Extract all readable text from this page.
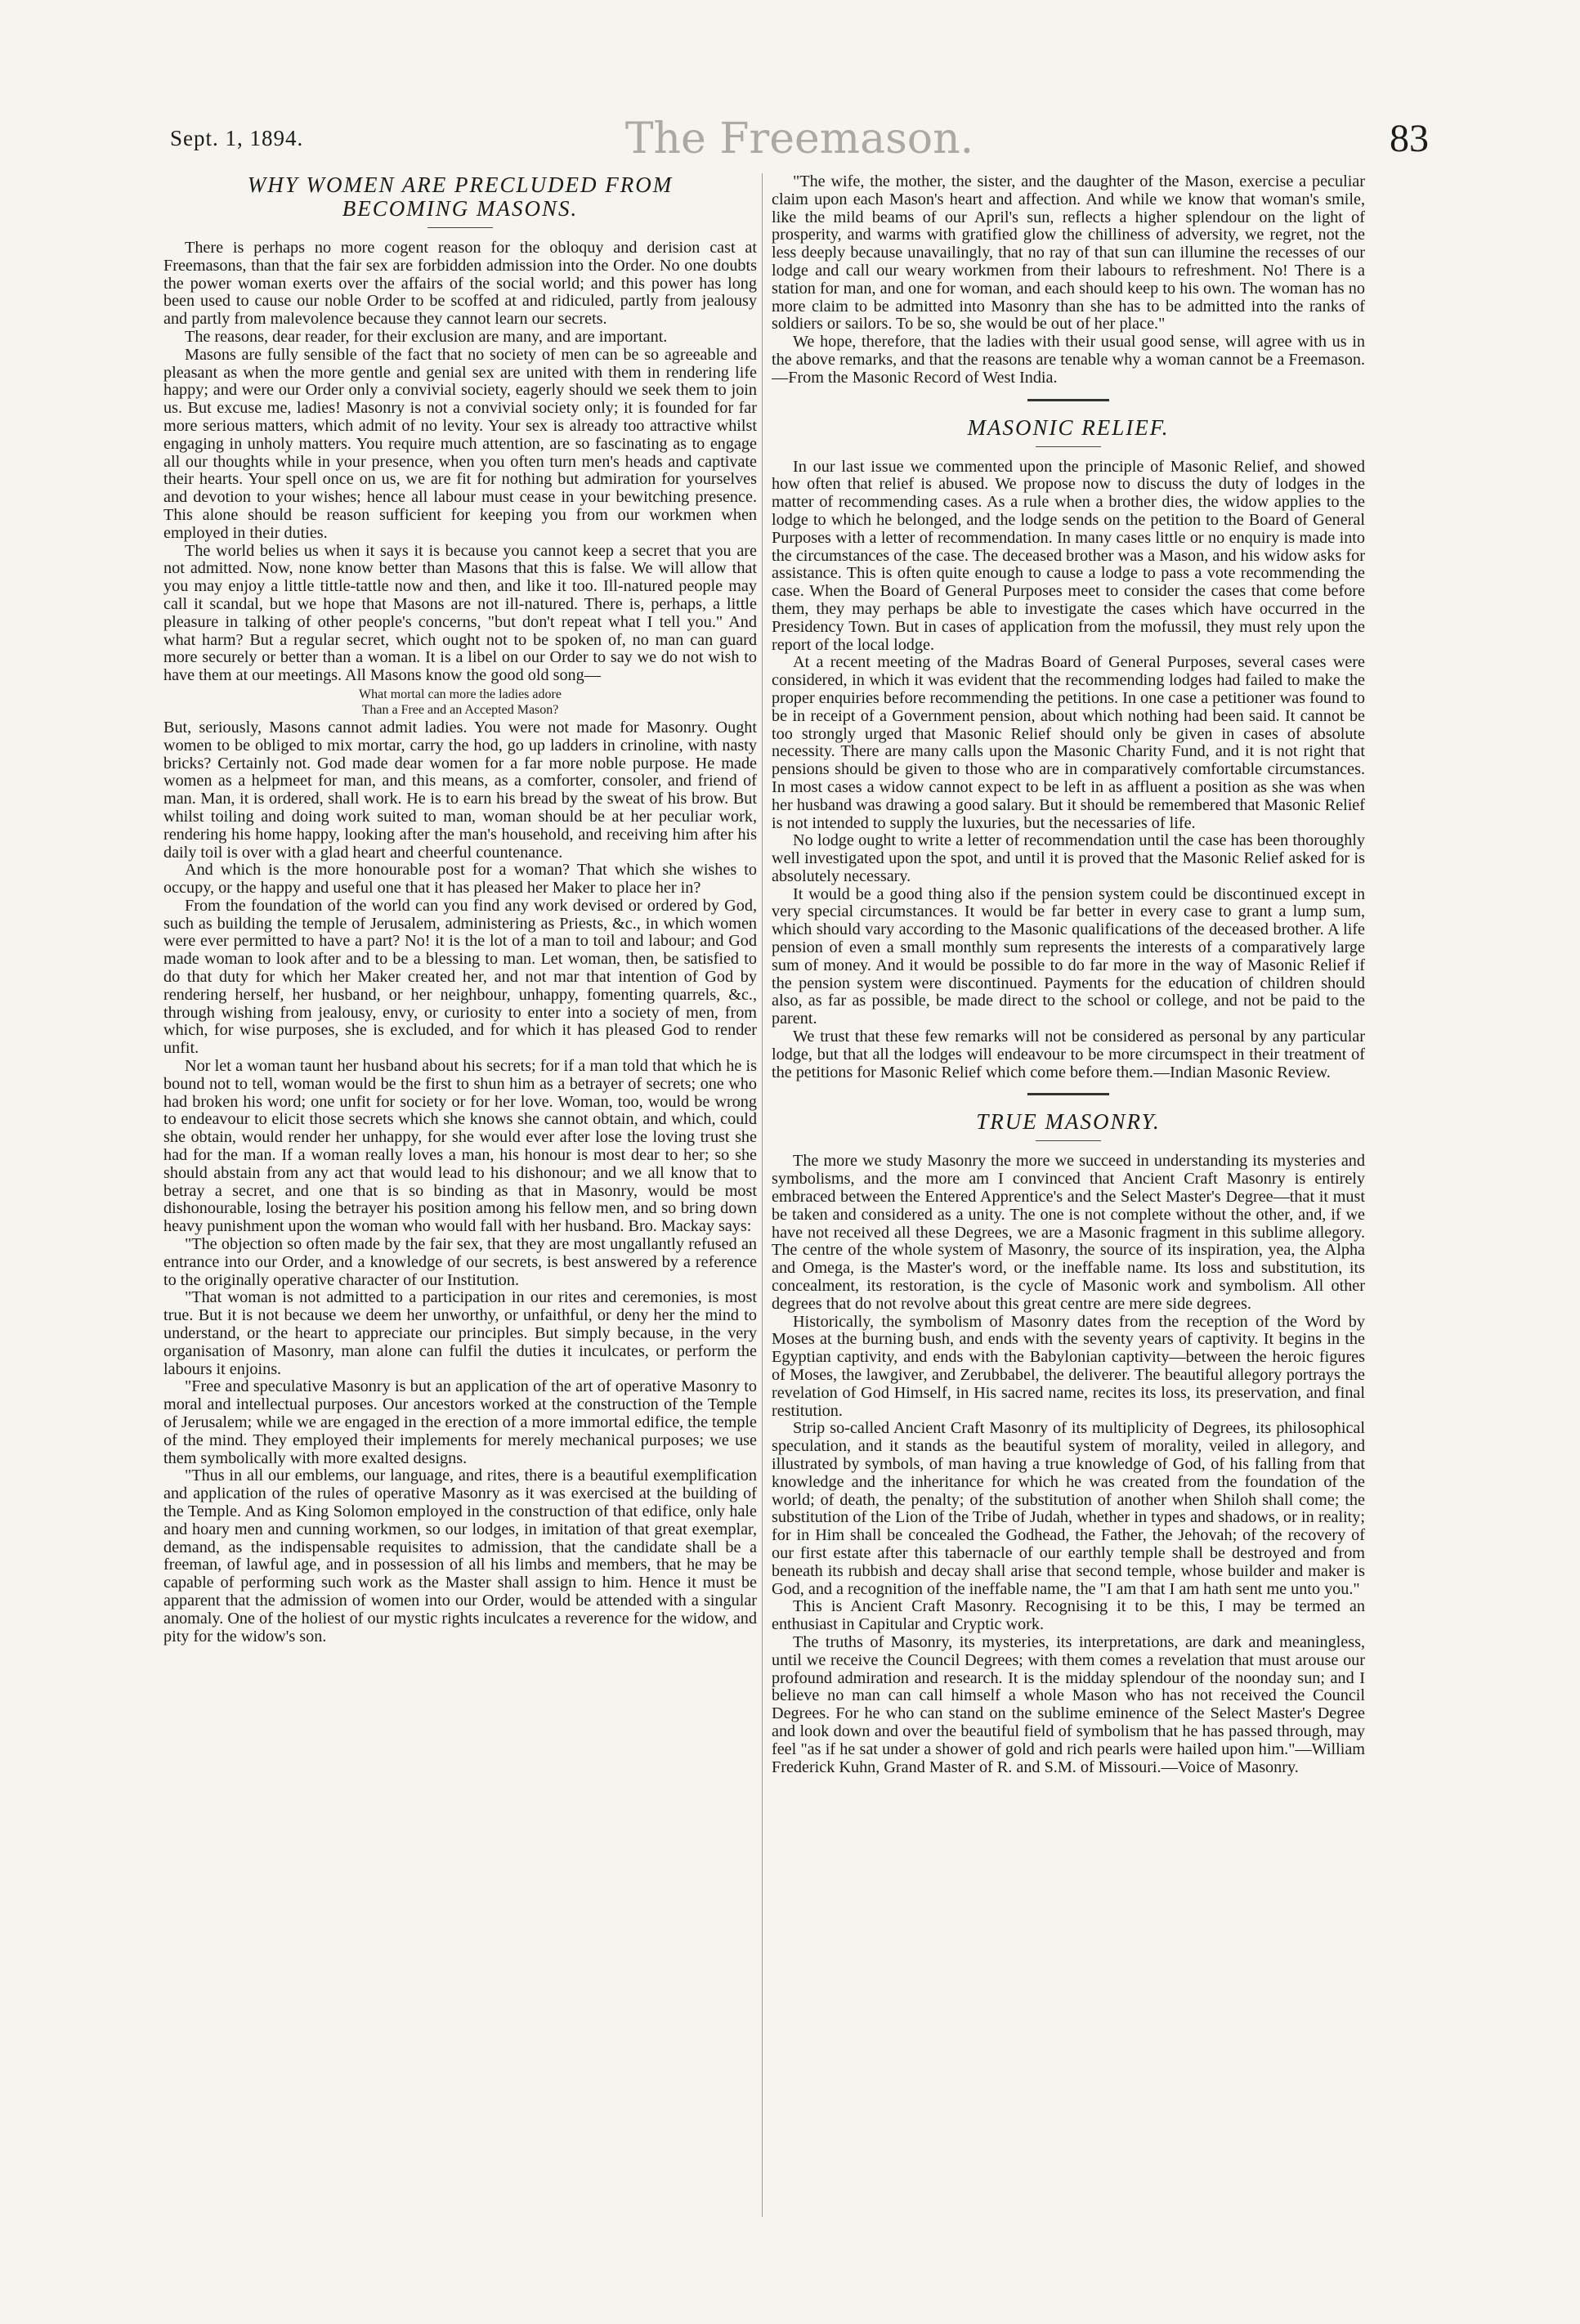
Sept. 1, 1894.	The Freemason.	83
WHY WOMEN ARE PRECLUDED FROM BECOMING MASONS.

There is perhaps no more cogent reason for the obloquy and derision cast at Freemasons, than that the fair sex are forbidden admission into the Order. No one doubts the power woman exerts over the affairs of the social world; and this power has long been used to cause our noble Order to be scoffed at and ridiculed, partly from jealousy and partly from malevolence because they cannot learn our secrets.

The reasons, dear reader, for their exclusion are many, and are important.

Masons are fully sensible of the fact that no society of men can be so agreeable and pleasant as when the more gentle and genial sex are united with them in rendering life happy; and were our Order only a convivial society, eagerly should we seek them to join us. But excuse me, ladies! Masonry is not a convivial society only; it is founded for far more serious matters, which admit of no levity. Your sex is already too attractive whilst engaging in unholy matters. You require much attention, are so fascinating as to engage all our thoughts while in your presence, when you often turn men's heads and captivate their hearts. Your spell once on us, we are fit for nothing but admiration for yourselves and devotion to your wishes; hence all labour must cease in your bewitching presence. This alone should be reason sufficient for keeping you from our workmen when employed in their duties.

The world belies us when it says it is because you cannot keep a secret that you are not admitted. Now, none know better than Masons that this is false. We will allow that you may enjoy a little tittle-tattle now and then, and like it too. Ill-natured people may call it scandal, but we hope that Masons are not ill-natured. There is, perhaps, a little pleasure in talking of other people's concerns, "but don't repeat what I tell you." And what harm? But a regular secret, which ought not to be spoken of, no man can guard more securely or better than a woman. It is a libel on our Order to say we do not wish to have them at our meetings. All Masons know the good old song—

What mortal can more the ladies adore
Than a Free and an Accepted Mason?

But, seriously, Masons cannot admit ladies. You were not made for Masonry. Ought women to be obliged to mix mortar, carry the hod, go up ladders in crinoline, with nasty bricks? Certainly not. God made dear women for a far more noble purpose. He made women as a helpmeet for man, and this means, as a comforter, consoler, and friend of man. Man, it is ordered, shall work. He is to earn his bread by the sweat of his brow. But whilst toiling and doing work suited to man, woman should be at her peculiar work, rendering his home happy, looking after the man's household, and receiving him after his daily toil is over with a glad heart and cheerful countenance.

And which is the more honourable post for a woman? That which she wishes to occupy, or the happy and useful one that it has pleased her Maker to place her in?

From the foundation of the world can you find any work devised or ordered by God, such as building the temple of Jerusalem, administering as Priests, &c., in which women were ever permitted to have a part? No! it is the lot of a man to toil and labour; and God made woman to look after and to be a blessing to man. Let woman, then, be satisfied to do that duty for which her Maker created her, and not mar that intention of God by rendering herself, her husband, or her neighbour, unhappy, fomenting quarrels, &c., through wishing from jealousy, envy, or curiosity to enter into a society of men, from which, for wise purposes, she is excluded, and for which it has pleased God to render unfit.

Nor let a woman taunt her husband about his secrets; for if a man told that which he is bound not to tell, woman would be the first to shun him as a betrayer of secrets; one who had broken his word; one unfit for society or for her love. Woman, too, would be wrong to endeavour to elicit those secrets which she knows she cannot obtain, and which, could she obtain, would render her unhappy, for she would ever after lose the loving trust she had for the man. If a woman really loves a man, his honour is most dear to her; so she should abstain from any act that would lead to his dishonour; and we all know that to betray a secret, and one that is so binding as that in Masonry, would be most dishonourable, losing the betrayer his position among his fellow men, and so bring down heavy punishment upon the woman who would fall with her husband. Bro. Mackay says:

"The objection so often made by the fair sex, that they are most ungallantly refused an entrance into our Order, and a knowledge of our secrets, is best answered by a reference to the originally operative character of our Institution.

"That woman is not admitted to a participation in our rites and ceremonies, is most true. But it is not because we deem her unworthy, or unfaithful, or deny her the mind to understand, or the heart to appreciate our principles. But simply because, in the very organisation of Masonry, man alone can fulfil the duties it inculcates, or perform the labours it enjoins.

"Free and speculative Masonry is but an application of the art of operative Masonry to moral and intellectual purposes. Our ancestors worked at the construction of the Temple of Jerusalem; while we are engaged in the erection of a more immortal edifice, the temple of the mind. They employed their implements for merely mechanical purposes; we use them symbolically with more exalted designs.

"Thus in all our emblems, our language, and rites, there is a beautiful exemplification and application of the rules of operative Masonry as it was exercised at the building of the Temple. And as King Solomon employed in the construction of that edifice, only hale and hoary men and cunning workmen, so our lodges, in imitation of that great exemplar, demand, as the indispensable requisites to admission, that the candidate shall be a freeman, of lawful age, and in possession of all his limbs and members, that he may be capable of performing such work as the Master shall assign to him. Hence it must be apparent that the admission of women into our Order, would be attended with a singular anomaly. One of the holiest of our mystic rights inculcates a reverence for the widow, and pity for the widow's son.

"The wife, the mother, the sister, and the daughter of the Mason, exercise a peculiar claim upon each Mason's heart and affection. And while we know that woman's smile, like the mild beams of our April's sun, reflects a higher splendour on the light of prosperity, and warms with gratified glow the chilliness of adversity, we regret, not the less deeply because unavailingly, that no ray of that sun can illumine the recesses of our lodge and call our weary workmen from their labours to refreshment. No! There is a station for man, and one for woman, and each should keep to his own. The woman has no more claim to be admitted into Masonry than she has to be admitted into the ranks of soldiers or sailors. To be so, she would be out of her place."

We hope, therefore, that the ladies with their usual good sense, will agree with us in the above remarks, and that the reasons are tenable why a woman cannot be a Freemason.—From the Masonic Record of West India.

MASONIC RELIEF.

In our last issue we commented upon the principle of Masonic Relief, and showed how often that relief is abused. We propose now to discuss the duty of lodges in the matter of recommending cases. As a rule when a brother dies, the widow applies to the lodge to which he belonged, and the lodge sends on the petition to the Board of General Purposes with a letter of recommendation. In many cases little or no enquiry is made into the circumstances of the case. The deceased brother was a Mason, and his widow asks for assistance. This is often quite enough to cause a lodge to pass a vote recommending the case. When the Board of General Purposes meet to consider the cases that come before them, they may perhaps be able to investigate the cases which have occurred in the Presidency Town. But in cases of application from the mofussil, they must rely upon the report of the local lodge.

At a recent meeting of the Madras Board of General Purposes, several cases were considered, in which it was evident that the recommending lodges had failed to make the proper enquiries before recommending the petitions. In one case a petitioner was found to be in receipt of a Government pension, about which nothing had been said. It cannot be too strongly urged that Masonic Relief should only be given in cases of absolute necessity. There are many calls upon the Masonic Charity Fund, and it is not right that pensions should be given to those who are in comparatively comfortable circumstances. In most cases a widow cannot expect to be left in as affluent a position as she was when her husband was drawing a good salary. But it should be remembered that Masonic Relief is not intended to supply the luxuries, but the necessaries of life.

No lodge ought to write a letter of recommendation until the case has been thoroughly well investigated upon the spot, and until it is proved that the Masonic Relief asked for is absolutely necessary.

It would be a good thing also if the pension system could be discontinued except in very special circumstances. It would be far better in every case to grant a lump sum, which should vary according to the Masonic qualifications of the deceased brother. A life pension of even a small monthly sum represents the interests of a comparatively large sum of money. And it would be possible to do far more in the way of Masonic Relief if the pension system were discontinued. Payments for the education of children should also, as far as possible, be made direct to the school or college, and not be paid to the parent.

We trust that these few remarks will not be considered as personal by any particular lodge, but that all the lodges will endeavour to be more circumspect in their treatment of the petitions for Masonic Relief which come before them.—Indian Masonic Review.

TRUE MASONRY.

The more we study Masonry the more we succeed in understanding its mysteries and symbolisms, and the more am I convinced that Ancient Craft Masonry is entirely embraced between the Entered Apprentice's and the Select Master's Degree—that it must be taken and considered as a unity. The one is not complete without the other, and, if we have not received all these Degrees, we are a Masonic fragment in this sublime allegory. The centre of the whole system of Masonry, the source of its inspiration, yea, the Alpha and Omega, is the Master's word, or the ineffable name. Its loss and substitution, its concealment, its restoration, is the cycle of Masonic work and symbolism. All other degrees that do not revolve about this great centre are mere side degrees.

Historically, the symbolism of Masonry dates from the reception of the Word by Moses at the burning bush, and ends with the seventy years of captivity. It begins in the Egyptian captivity, and ends with the Babylonian captivity—between the heroic figures of Moses, the lawgiver, and Zerubbabel, the deliverer. The beautiful allegory portrays the revelation of God Himself, in His sacred name, recites its loss, its preservation, and final restitution.

Strip so-called Ancient Craft Masonry of its multiplicity of Degrees, its philosophical speculation, and it stands as the beautiful system of morality, veiled in allegory, and illustrated by symbols, of man having a true knowledge of God, of his falling from that knowledge and the inheritance for which he was created from the foundation of the world; of death, the penalty; of the substitution of another when Shiloh shall come; the substitution of the Lion of the Tribe of Judah, whether in types and shadows, or in reality; for in Him shall be concealed the Godhead, the Father, the Jehovah; of the recovery of our first estate after this tabernacle of our earthly temple shall be destroyed and from beneath its rubbish and decay shall arise that second temple, whose builder and maker is God, and a recognition of the ineffable name, the "I am that I am hath sent me unto you."

This is Ancient Craft Masonry. Recognising it to be this, I may be termed an enthusiast in Capitular and Cryptic work.

The truths of Masonry, its mysteries, its interpretations, are dark and meaningless, until we receive the Council Degrees; with them comes a revelation that must arouse our profound admiration and research. It is the midday splendour of the noonday sun; and I believe no man can call himself a whole Mason who has not received the Council Degrees. For he who can stand on the sublime eminence of the Select Master's Degree and look down and over the beautiful field of symbolism that he has passed through, may feel "as if he sat under a shower of gold and rich pearls were hailed upon him."—William Frederick Kuhn, Grand Master of R. and S.M. of Missouri.—Voice of Masonry.
